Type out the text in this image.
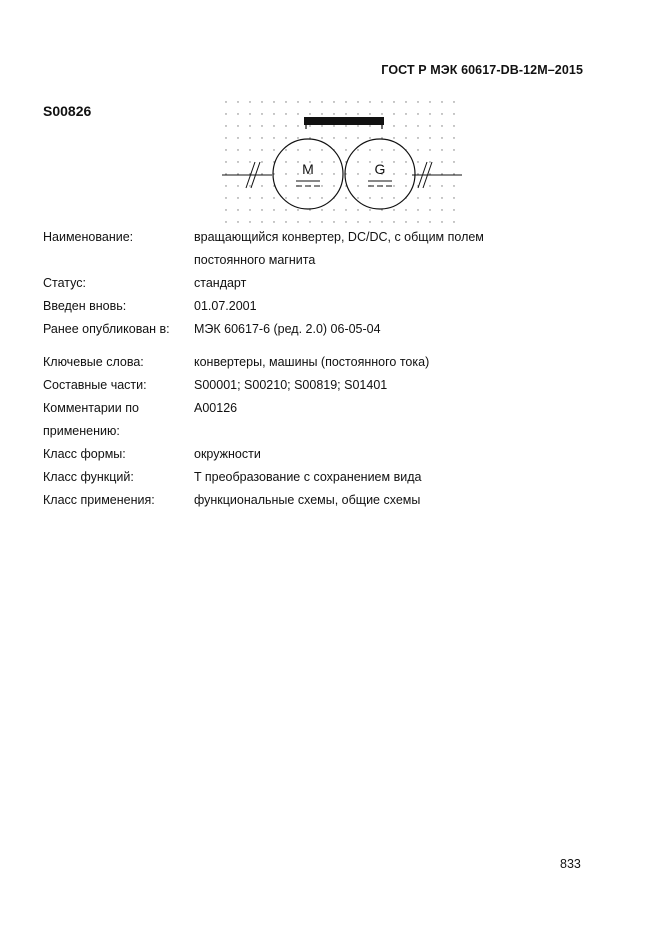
ГОСТ Р МЭК 60617-DB-12M–2015
S00826
M	G
Наименование:	вращающийся конвертер, DC/DC, с общим полем
постоянного магнита
Статус:	стандарт
Введен вновь:	01.07.2001
Ранее опубликован в:	МЭК 60617-6 (ред. 2.0) 06-05-04
Ключевые слова:	конвертеры, машины (постоянного тока)
Составные части:	S00001; S00210; S00819; S01401
Комментарии по	A00126
применению:
Класс формы:	окружности
Класс функций:	T преобразование с сохранением вида
Класс применения:	функциональные схемы, общие схемы
833
